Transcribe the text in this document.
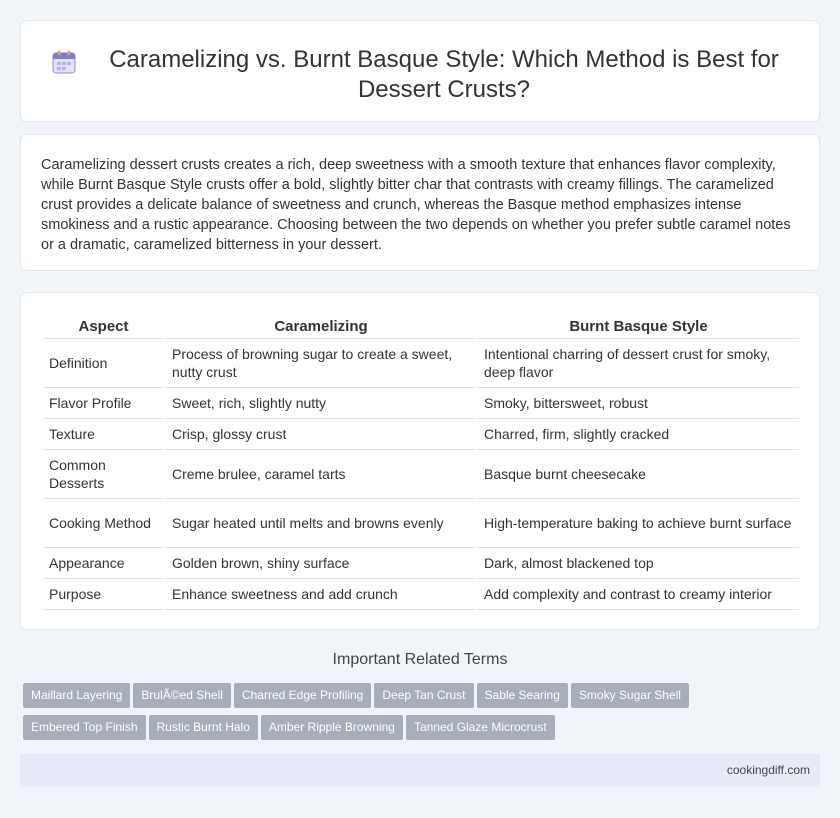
Caramelizing vs. Burnt Basque Style: Which Method is Best for Dessert Crusts?

Caramelizing dessert crusts creates a rich, deep sweetness with a smooth texture that enhances flavor complexity, while Burnt Basque Style crusts offer a bold, slightly bitter char that contrasts with creamy fillings. The caramelized crust provides a delicate balance of sweetness and crunch, whereas the Basque method emphasizes intense smokiness and a rustic appearance. Choosing between the two depends on whether you prefer subtle caramel notes or a dramatic, caramelized bitterness in your dessert.

Aspect	Caramelizing	Burnt Basque Style
Definition	Process of browning sugar to create a sweet, nutty crust	Intentional charring of dessert crust for smoky, deep flavor
Flavor Profile	Sweet, rich, slightly nutty	Smoky, bittersweet, robust
Texture	Crisp, glossy crust	Charred, firm, slightly cracked
Common Desserts	Creme brulee, caramel tarts	Basque burnt cheesecake
Cooking Method	Sugar heated until melts and browns evenly	High-temperature baking to achieve burnt surface
Appearance	Golden brown, shiny surface	Dark, almost blackened top
Purpose	Enhance sweetness and add crunch	Add complexity and contrast to creamy interior
Important Related Terms
Maillard Layering BrulÃ©ed Shell Charred Edge Profiling Deep Tan Crust Sable Searing Smoky Sugar Shell
Embered Top Finish Rustic Burnt Halo Amber Ripple Browning Tanned Glaze Microcrust
cookingdiff.com
